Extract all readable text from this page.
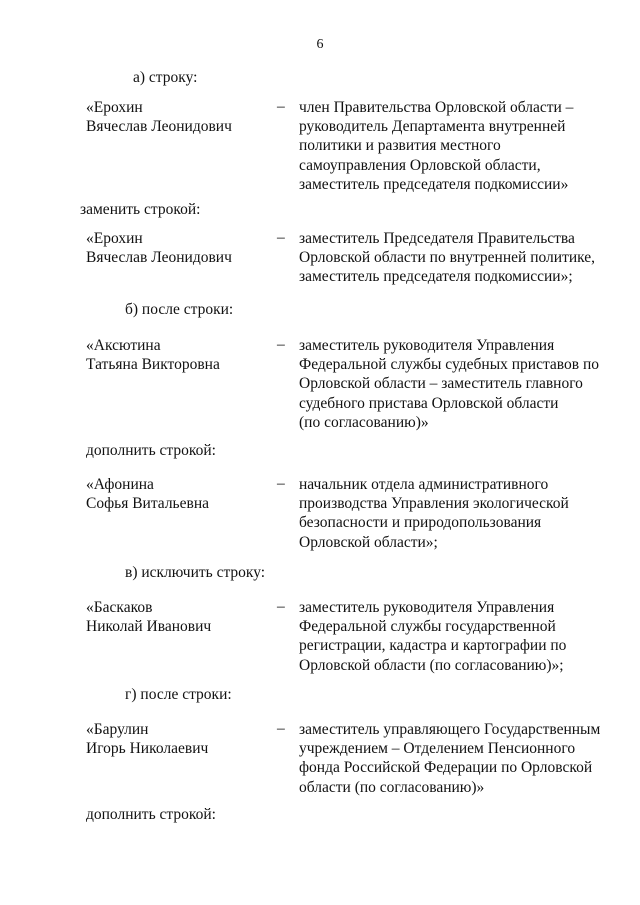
6
а) строку:
«Ерохин
Вячеслав Леонидович
– член Правительства Орловской области –
руководитель Департамента внутренней
политики и развития местного
самоуправления Орловской области,
заместитель председателя подкомиссии»
заменить строкой:
«Ерохин
Вячеслав Леонидович
– заместитель Председателя Правительства
Орловской области по внутренней политике,
заместитель председателя подкомиссии»;
б) после строки:
«Аксютина
Татьяна Викторовна
– заместитель руководителя Управления
Федеральной службы судебных приставов по
Орловской области – заместитель главного
судебного пристава Орловской области
(по согласованию)»
дополнить строкой:
«Афонина
Софья Витальевна
– начальник отдела административного
производства Управления экологической
безопасности и природопользования
Орловской области»;
в) исключить строку:
«Баскаков
Николай Иванович
– заместитель руководителя Управления
Федеральной службы государственной
регистрации, кадастра и картографии по
Орловской области (по согласованию)»;
г) после строки:
«Барулин
Игорь Николаевич
– заместитель управляющего Государственным
учреждением – Отделением Пенсионного
фонда Российской Федерации по Орловской
области (по согласованию)»
дополнить строкой:
